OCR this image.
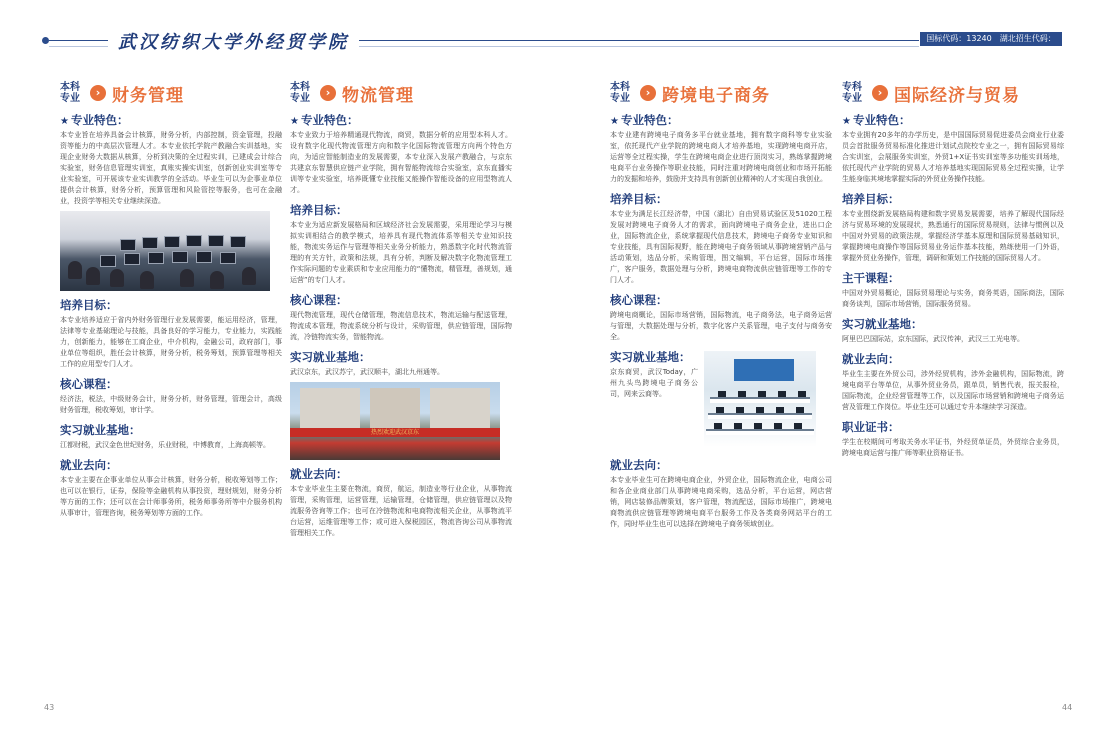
武汉纺织大学外经贸学院	国标代码：13240　湖北招生代码：C228
本科专业	› 财务管理
★ 专业特色：
本专业旨在培养具备会计核算，财务分析，内部控制，资金管理，投融资等能力的中高层次管理人才。本专业依托学院产教融合实训基地，实现企业财务大数据从核算，分析到决策的全过程实训，已建成会计综合实验室，财务信息管理实训室，真账实操实训室，创新创业实训室等专业实验室，可开展该专业实训教学的全活动。毕业生可以为企事业单位提供会计核算，财务分析，预算管理和风险管控等服务，也可在金融业，投资学等相关专业继续深造。
培养目标：
本专业培养适应于省内外财务管理行业发展需要，能运用经济，管理，法律等专业基础理论与技能，具备良好的学习能力，专业能力，实践能力，创新能力，能够在工商企业，中介机构，金融公司，政府部门，事业单位等组织，胜任会计核算，财务分析，税务筹划，预算管理等相关工作的应用型专门人才。
核心课程：
经济法，税法，中级财务会计，财务分析，财务管理，管理会计，高级财务管理，税收筹划，审计学。
实习就业基地：
江都财税，武汉金色世纪财务，乐业财税，中博教育，上海高顿等。
就业去向：
本专业主要在企事业单位从事会计核算，财务分析，税收筹划等工作；也可以在银行，证券，保险等金融机构从事投资，理财规划，财务分析等方面的工作；还可以在会计师事务所，税务师事务所等中介服务机构从事审计，管理咨询，税务筹划等方面的工作。
本科专业	› 物流管理
★ 专业特色：
本专业致力于培养精通现代物流，商贸，数据分析的应用型本科人才。设有数字化现代物流管理方向和数字化国际物流管理方向两个特色方向，为适应智能制造业的发展需要，本专业深入发展产教融合，与京东共建京东智慧供应链产业学院，拥有智能物流综合实验室，京东直播实训等专业实验室，培养既懂专业技能又能操作智能设备的应用型物流人才。
培养目标：
本专业为适应新发展格局和区域经济社会发展需要，采用理论学习与模拟实训相结合的教学模式，培养具有现代物流体系等相关专业知识技能，物流实务运作与管理等相关业务分析能力，熟悉数字化时代物流管理的有关方针，政策和法规，具有分析，判断及解决数字化物流管理工作实际问题的专业素质和专业应用能力的“懂物流，精管理，善规划，通运营”的专门人才。
核心课程：
现代物流管理，现代仓储管理，物流信息技术，物流运输与配送管理，物流成本管理，物流系统分析与设计，采购管理，供应链管理，国际物流，冷链物流实务，智能物流。
实习就业基地：
武汉京东，武汉苏宁，武汉顺丰，湖北九州通等。
热烈欢迎武汉京东
就业去向：
本专业毕业生主要在物流，商贸，航运，制造业等行业企业，从事物流管理，采购管理，运营管理，运输管理，仓储管理，供应链管理以及物流服务咨询等工作；也可在冷链物流和电商物流相关企业，从事物流平台运营，运维管理等工作；或可进入保税园区，物流咨询公司从事物流管理相关工作。
本科专业	› 跨境电子商务
★ 专业特色：
本专业建有跨境电子商务多平台就业基地，拥有数字商科等专业实验室，依托现代产业学院的跨境电商人才培养基地，实现跨境电商开店，运营等全过程实操，学生在跨境电商企业进行顶岗实习，熟练掌握跨境电商平台业务操作等职业技能，同时注重对跨境电商创业和市场开拓能力的发掘和培养，鼓励并支持具有创新创业精神的人才实现自我创业。
培养目标：
本专业为满足长江经济带，中国（湖北）自由贸易试验区及51020工程发展对跨境电子商务人才的需求，面向跨境电子商务企业，进出口企业，国际物流企业，系统掌握现代信息技术，跨境电子商务专业知识和专业技能，具有国际视野，能在跨境电子商务领域从事跨境营销产品与活动策划，选品分析，采购管理，图文编辑，平台运营，国际市场推广，客户服务，数据处理与分析，跨境电商物流供应链管理等工作的专门人才。
核心课程：
跨境电商概论，国际市场营销，国际物流，电子商务法，电子商务运营与管理，大数据处理与分析，数字化客户关系管理，电子支付与商务安全。
实习就业基地：
京东商贸，武汉Today，广州九头鸟跨境电子商务公司，网来云商等。
就业去向：
本专业毕业生可在跨境电商企业，外贸企业，国际物流企业，电商公司和各企业商业部门从事跨境电商采购，选品分析，平台运营，网店营销，网店装修品牌策划，客户管理，物流配送，国际市场推广，跨境电商物流供应链管理等跨境电商平台服务工作及各类商务网站平台的工作，同时毕业生也可以选择在跨境电子商务领域创业。
专科专业	› 国际经济与贸易
★ 专业特色：
本专业拥有20多年的办学历史，是中国国际贸易促进委员会商业行业委员会首批服务贸易标准化推进计划试点院校专业之一，拥有国际贸易综合实训室，会展服务实训室，外贸1+X证书实训室等多功能实训场地，依托现代产业学院的贸易人才培养基地实现国际贸易全过程实操，让学生能身临其境地掌握实际的外贸业务操作技能。
培养目标：
本专业围绕新发展格局构建和数字贸易发展需要，培养了解现代国际经济与贸易环境的发展现状，熟悉通行的国际贸易规则，法律与惯例以及中国对外贸易的政策法规，掌握经济学基本原理和国际贸易基础知识，掌握跨境电商操作等国际贸易业务运作基本技能，熟练使用一门外语，掌握外贸业务操作，管理，调研和策划工作技能的国际贸易人才。
主干课程：
中国对外贸易概论，国际贸易理论与实务，商务英语，国际商法，国际商务谈判，国际市场营销，国际服务贸易。
实习就业基地：
阿里巴巴国际站，京东国际，武汉传神，武汉三工光电等。
就业去向：
毕业生主要在外贸公司，涉外经贸机构，涉外金融机构，国际物流，跨境电商平台等单位，从事外贸业务员，跟单员，销售代表，报关报检，国际物流，企业经营管理等工作，以及国际市场营销和跨境电子商务运营及管理工作岗位。毕业生还可以通过专升本继续学习深造。
职业证书：
学生在校期间可考取关务水平证书，外经贸单证员，外贸综合业务员，跨境电商运营与推广师等职业资格证书。
43	44
